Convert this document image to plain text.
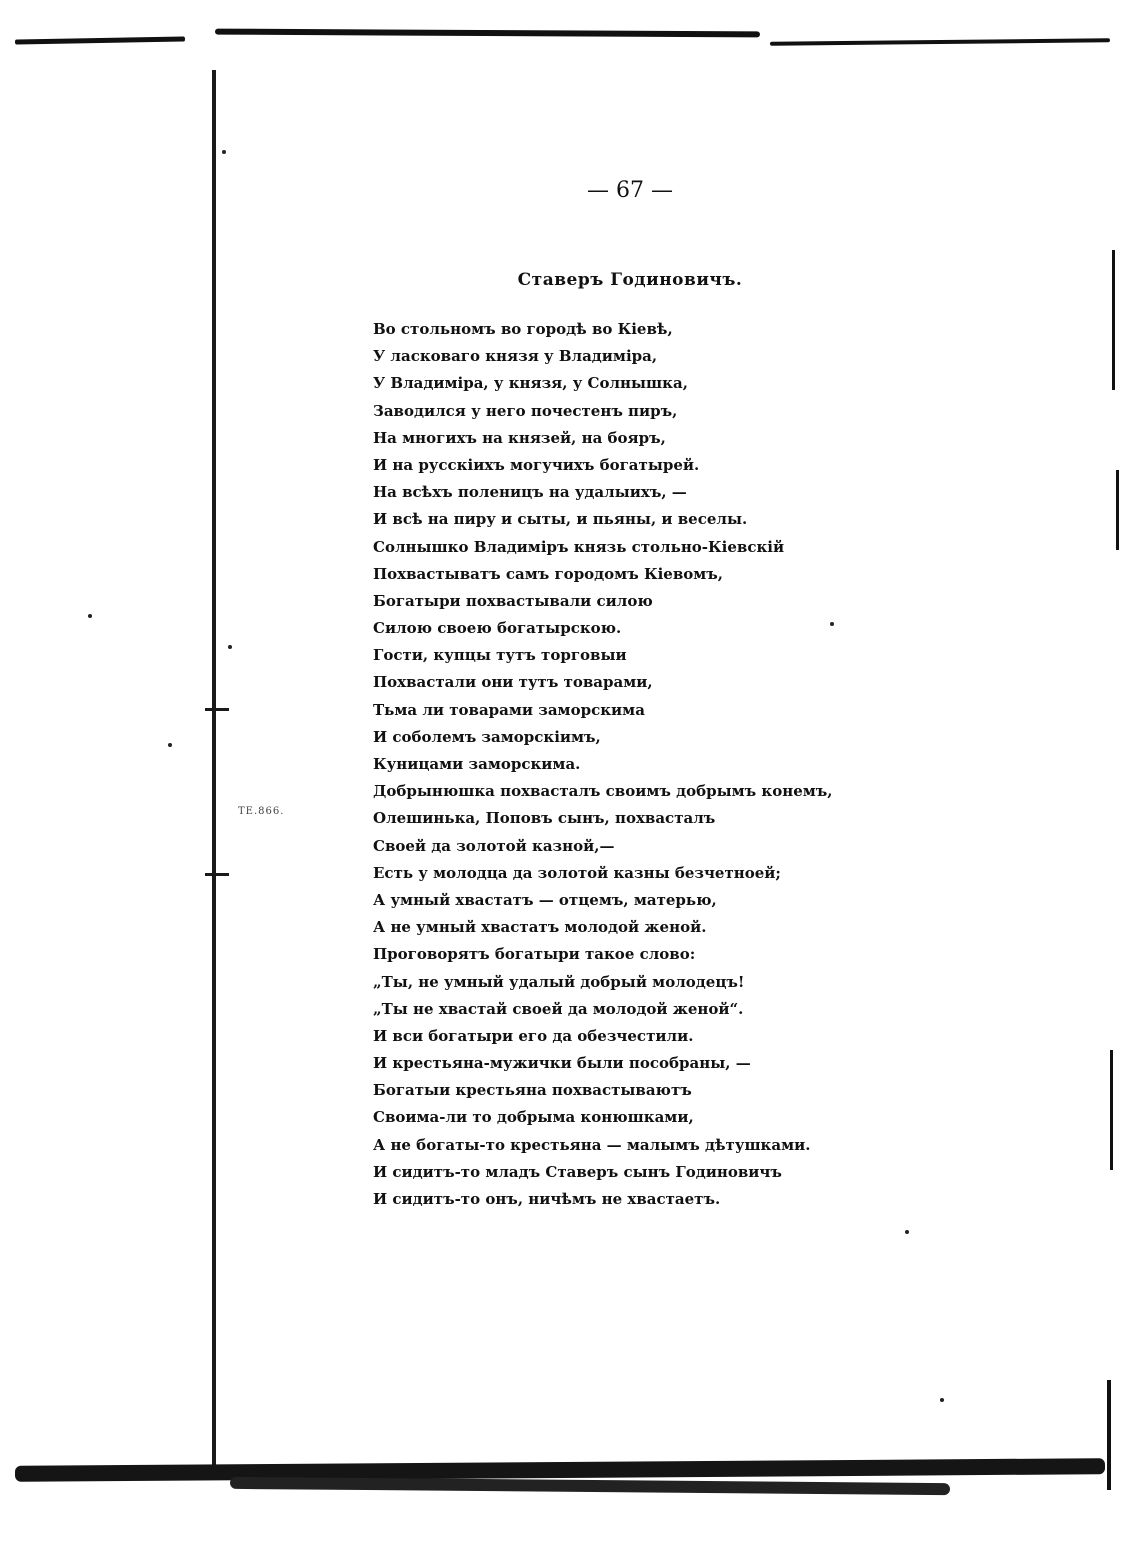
ТЕ.866.
— 67 —
Ставеръ Годиновичъ.
Во стольномъ во городѣ во Кіевѣ,
У ласковаго князя у Владиміра,
У Владиміра, у князя, у Солнышка,
Заводился у него почестенъ пиръ,
На многихъ на князей, на бояръ,
И на русскіихъ могучихъ богатырей.
На всѣхъ поленицъ на удалыихъ, —
И всѣ на пиру и сыты, и пьяны, и веселы.
Солнышко Владиміръ князь стольно-Кіевскій
Похвастыватъ самъ городомъ Кіевомъ,
Богатыри похвастывали силою
Силою своею богатырскою.
Гости, купцы тутъ торговыи
Похвастали они тутъ товарами,
Тьма ли товарами заморскима
И соболемъ заморскіимъ,
Куницами заморскима.
Добрынюшка похвасталъ своимъ добрымъ конемъ,
Олешинька, Поповъ сынъ, похвасталъ
Своей да золотой казной,—
Есть у молодца да золотой казны безчетноей;
А умный хвастатъ — отцемъ, матерью,
А не умный хвастатъ молодой женой.
Проговорятъ богатыри такое слово:
„Ты, не умный удалый добрый молодецъ!
„Ты не хвастай своей да молодой женой“.
И вси богатыри его да обезчестили.
И крестьяна-мужички были пособраны, —
Богатыи крестьяна похвастываютъ
Своима-ли то добрыма конюшками,
А не богаты-то крестьяна — малымъ дѣтушками.
И сидитъ-то младъ Ставеръ сынъ Годиновичъ
И сидитъ-то онъ, ничѣмъ не хвастаетъ.
